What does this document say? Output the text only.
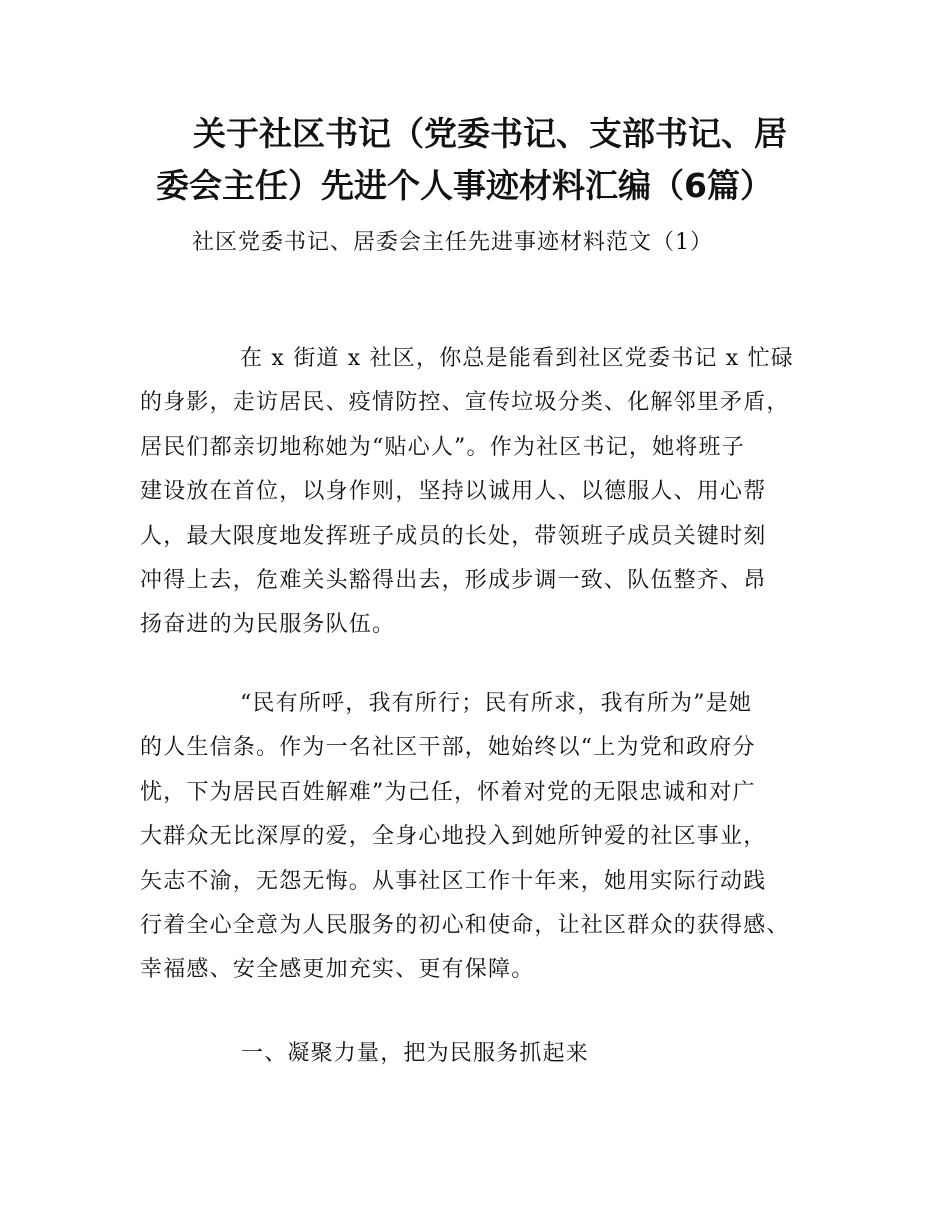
关于社区书记（党委书记、支部书记、居
委会主任）先进个人事迹材料汇编（6篇）
社区党委书记、居委会主任先进事迹材料范文（1）

在 x 街道 x 社区，你总是能看到社区党委书记 x 忙碌
的身影，走访居民、疫情防控、宣传垃圾分类、化解邻里矛盾，
居民们都亲切地称她为“贴心人”。作为社区书记，她将班子
建设放在首位，以身作则，坚持以诚用人、以德服人、用心帮
人，最大限度地发挥班子成员的长处，带领班子成员关键时刻
冲得上去，危难关头豁得出去，形成步调一致、队伍整齐、昂
扬奋进的为民服务队伍。

“民有所呼，我有所行；民有所求，我有所为”是她
的人生信条。作为一名社区干部，她始终以“上为党和政府分
忧，下为居民百姓解难”为己任，怀着对党的无限忠诚和对广
大群众无比深厚的爱，全身心地投入到她所钟爱的社区事业，
矢志不渝，无怨无悔。从事社区工作十年来，她用实际行动践
行着全心全意为人民服务的初心和使命，让社区群众的获得感、
幸福感、安全感更加充实、更有保障。

一、凝聚力量，把为民服务抓起来
